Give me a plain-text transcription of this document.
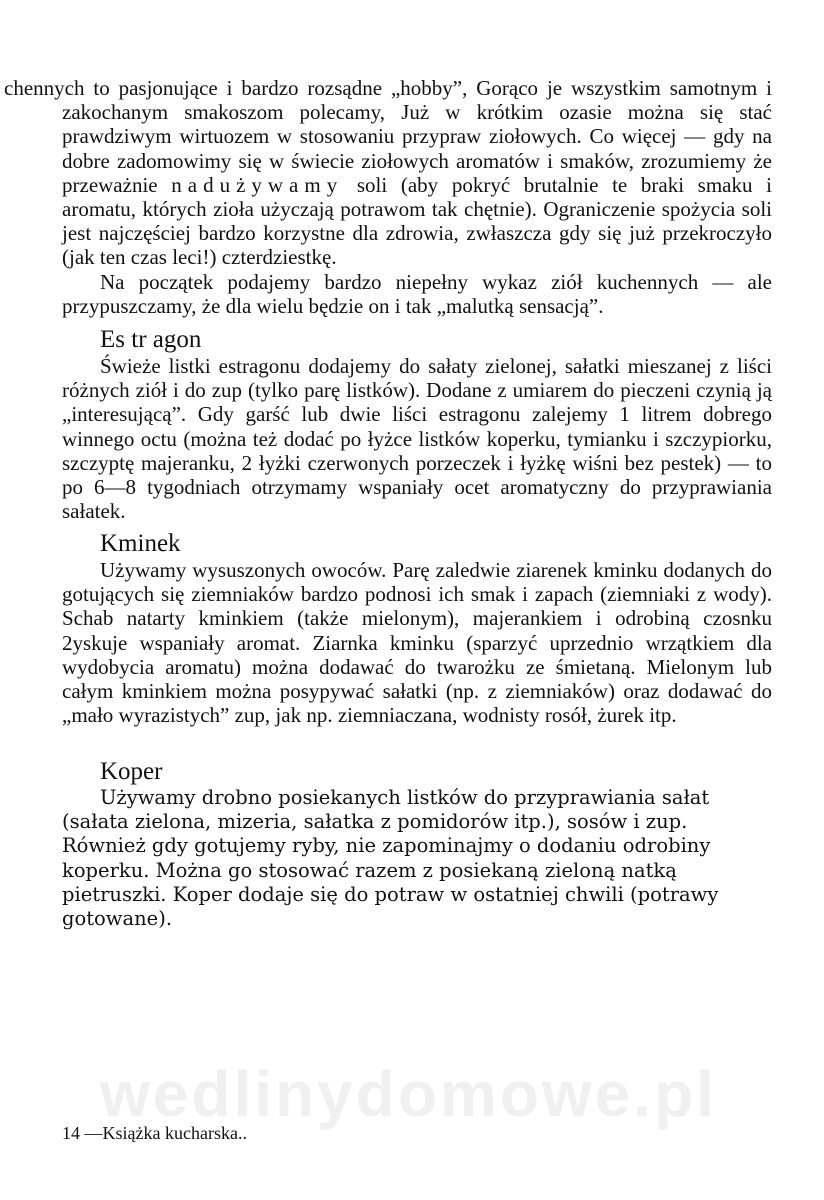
chennych to pasjonujące i bardzo rozsądne „hobby”, Gorąco je wszystkim samotnym i zakochanym smakoszom polecamy, Już w krótkim ozasie można się stać prawdziwym wirtuozem w stosowaniu przypraw ziołowych. Co więcej — gdy na dobre zadomowimy się w świecie ziołowych aromatów i smaków, zrozumiemy że przeważnie nadużywamy soli (aby pokryć brutalnie te braki smaku i aromatu, których zioła użyczają potrawom tak chętnie). Ograniczenie spożycia soli jest najczęściej bardzo korzystne dla zdrowia, zwłaszcza gdy się już przekroczyło (jak ten czas leci!) czterdziestkę.

Na początek podajemy bardzo niepełny wykaz ziół kuchennych — ale przypuszczamy, że dla wielu będzie on i tak „malutką sensacją”.

Es tr agon

Świeże listki estragonu dodajemy do sałaty zielonej, sałatki mieszanej z liści różnych ziół i do zup (tylko parę listków). Dodane z umiarem do pieczeni czynią ją „interesującą”. Gdy garść lub dwie liści estragonu zalejemy 1 litrem dobrego winnego octu (można też dodać po łyżce listków koperku, tymianku i szczypiorku, szczyptę majeranku, 2 łyżki czerwonych porzeczek i łyżkę wiśni bez pestek) — to po 6—8 tygodniach otrzymamy wspaniały ocet aromatyczny do przyprawiania sałatek.

Kminek

Używamy wysuszonych owoców. Parę zaledwie ziarenek kminku dodanych do gotujących się ziemniaków bardzo podnosi ich smak i zapach (ziemniaki z wody). Schab natarty kminkiem (także mielonym), majerankiem i odrobiną czosnku 2yskuje wspaniały aromat. Ziarnka kminku (sparzyć uprzednio wrzątkiem dla wydobycia aromatu) można dodawać do twarożku ze śmietaną. Mielonym lub całym kminkiem można posypywać sałatki (np. z ziemniaków) oraz dodawać do „mało wyrazistych” zup, jak np. ziemniaczana, wodnisty rosół, żurek itp.

Koper

Używamy drobno posiekanych listków do przyprawiania sałat (sałata zielona, mizeria, sałatka z pomidorów itp.), sosów i zup. Również gdy gotujemy ryby, nie zapominajmy o dodaniu odrobiny koperku. Można go stosować razem z posiekaną zieloną natką pietruszki. Koper dodaje się do potraw w ostatniej chwili (potrawy gotowane).

wedlinydomowe.pl
14 —Książka kucharska..
